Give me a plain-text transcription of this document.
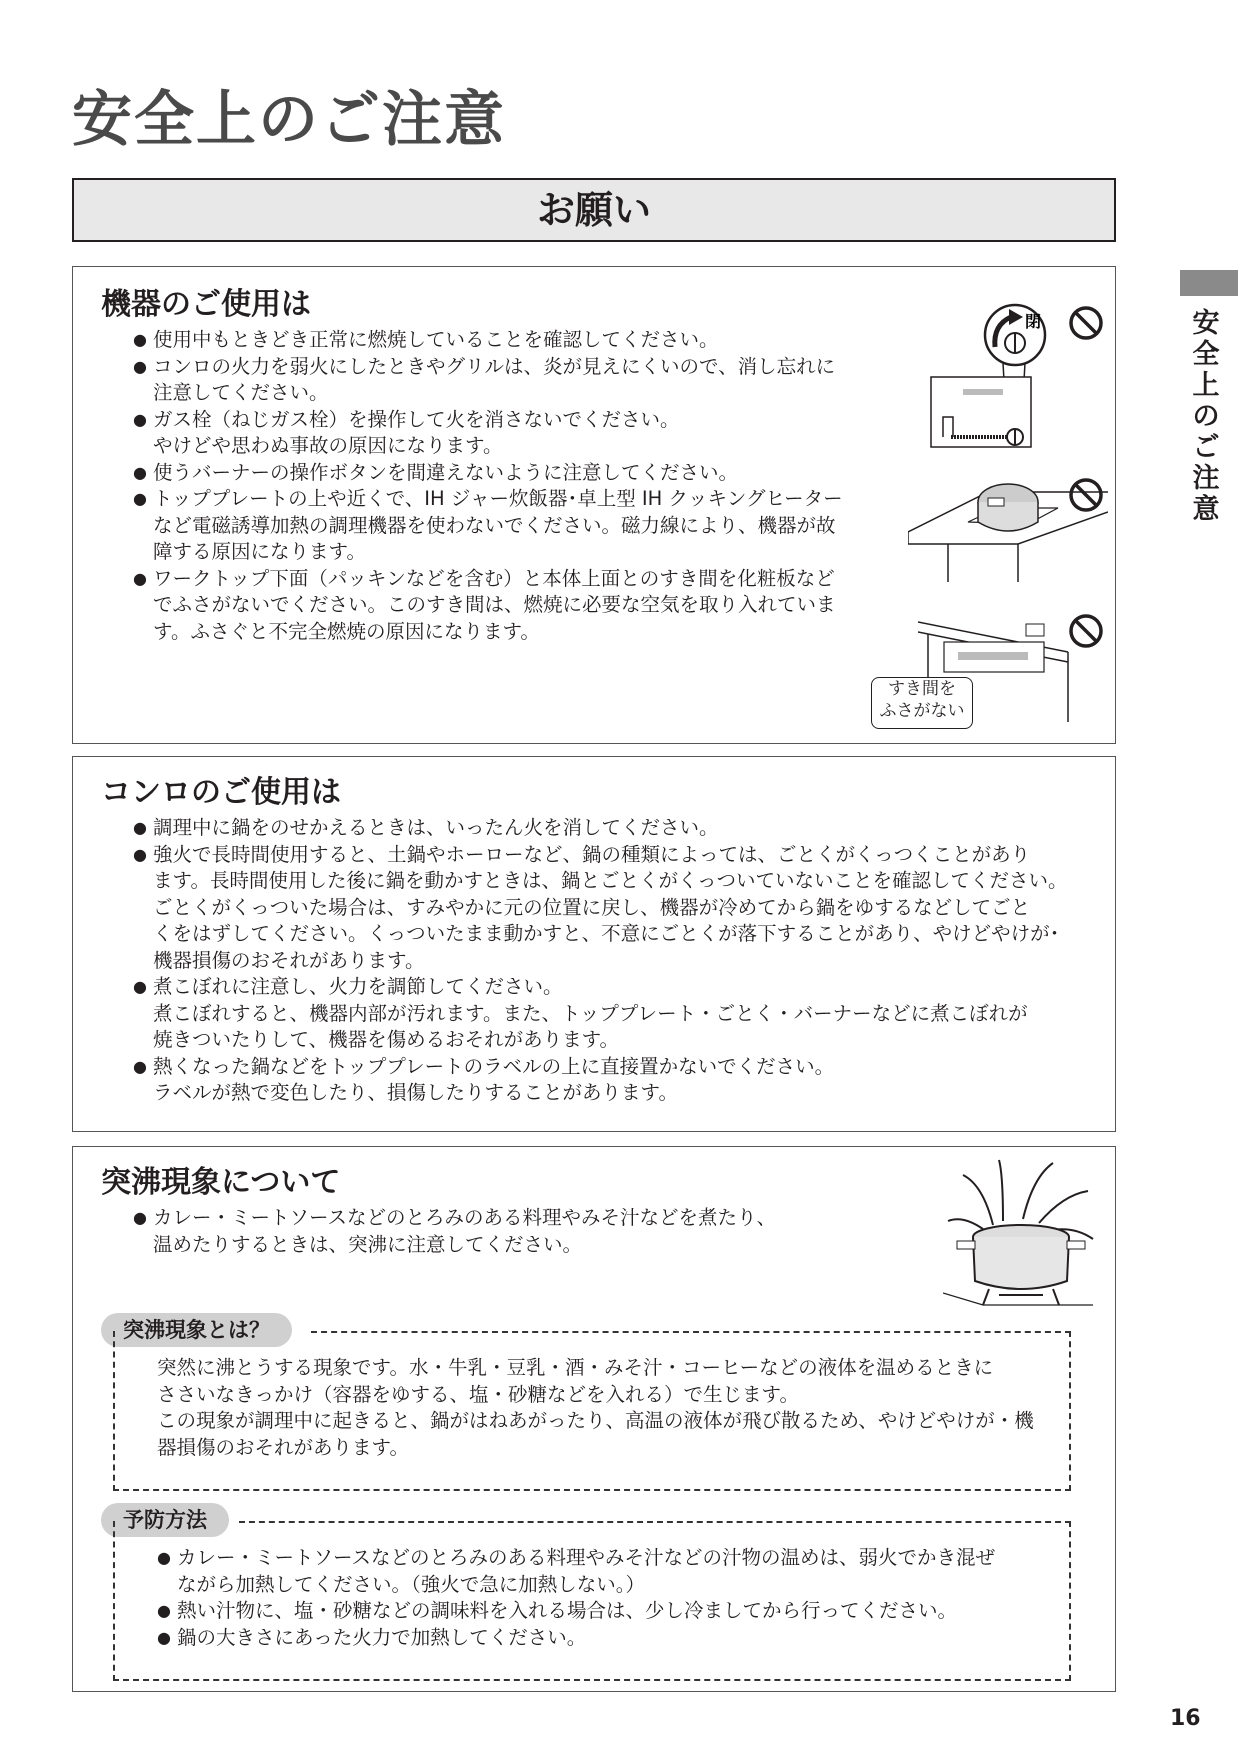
安全上のご注意
お願い
安
全
上
の
ご
注
意
機器のご使用は
● 使用中もときどき正常に燃焼していることを確認してください。
● コンロの火力を弱火にしたときやグリルは、炎が見えにくいので、消し忘れに
注意してください。
● ガス栓（ねじガス栓）を操作して火を消さないでください。
やけどや思わぬ事故の原因になります。
● 使うバーナーの操作ボタンを間違えないように注意してください。
● トッププレートの上や近くで、IH ジャー炊飯器･卓上型 IH クッキングヒーター
など電磁誘導加熱の調理機器を使わないでください。磁力線により、機器が故
障する原因になります。
● ワークトップ下面（パッキンなどを含む）と本体上面とのすき間を化粧板など
でふさがないでください。このすき間は、燃焼に必要な空気を取り入れていま
す。ふさぐと不完全燃焼の原因になります。
閉
すき間を
ふさがない
コンロのご使用は
● 調理中に鍋をのせかえるときは、いったん火を消してください。
● 強火で長時間使用すると、土鍋やホーローなど、鍋の種類によっては、ごとくがくっつくことがあり
ます。長時間使用した後に鍋を動かすときは、鍋とごとくがくっついていないことを確認してください。
ごとくがくっついた場合は、すみやかに元の位置に戻し、機器が冷めてから鍋をゆするなどしてごと
くをはずしてください。くっついたまま動かすと、不意にごとくが落下することがあり、やけどやけが･
機器損傷のおそれがあります。
● 煮こぼれに注意し、火力を調節してください。
煮こぼれすると、機器内部が汚れます。また、トッププレート・ごとく・バーナーなどに煮こぼれが
焼きついたりして、機器を傷めるおそれがあります。
● 熱くなった鍋などをトッププレートのラベルの上に直接置かないでください。
ラベルが熱で変色したり、損傷したりすることがあります。
突沸現象について
● カレー・ミートソースなどのとろみのある料理やみそ汁などを煮たり、
温めたりするときは、突沸に注意してください。
突沸現象とは？

突然に沸とうする現象です。水・牛乳・豆乳・酒・みそ汁・コーヒーなどの液体を温めるときに
ささいなきっかけ（容器をゆする、塩・砂糖などを入れる）で生じます。
この現象が調理中に起きると、鍋がはねあがったり、高温の液体が飛び散るため、やけどやけが・機
器損傷のおそれがあります。

予防方法
● カレー・ミートソースなどのとろみのある料理やみそ汁などの汁物の温めは、弱火でかき混ぜ
ながら加熱してください。（強火で急に加熱しない。）
● 熱い汁物に、塩・砂糖などの調味料を入れる場合は、少し冷ましてから行ってください。
● 鍋の大きさにあった火力で加熱してください。
16
